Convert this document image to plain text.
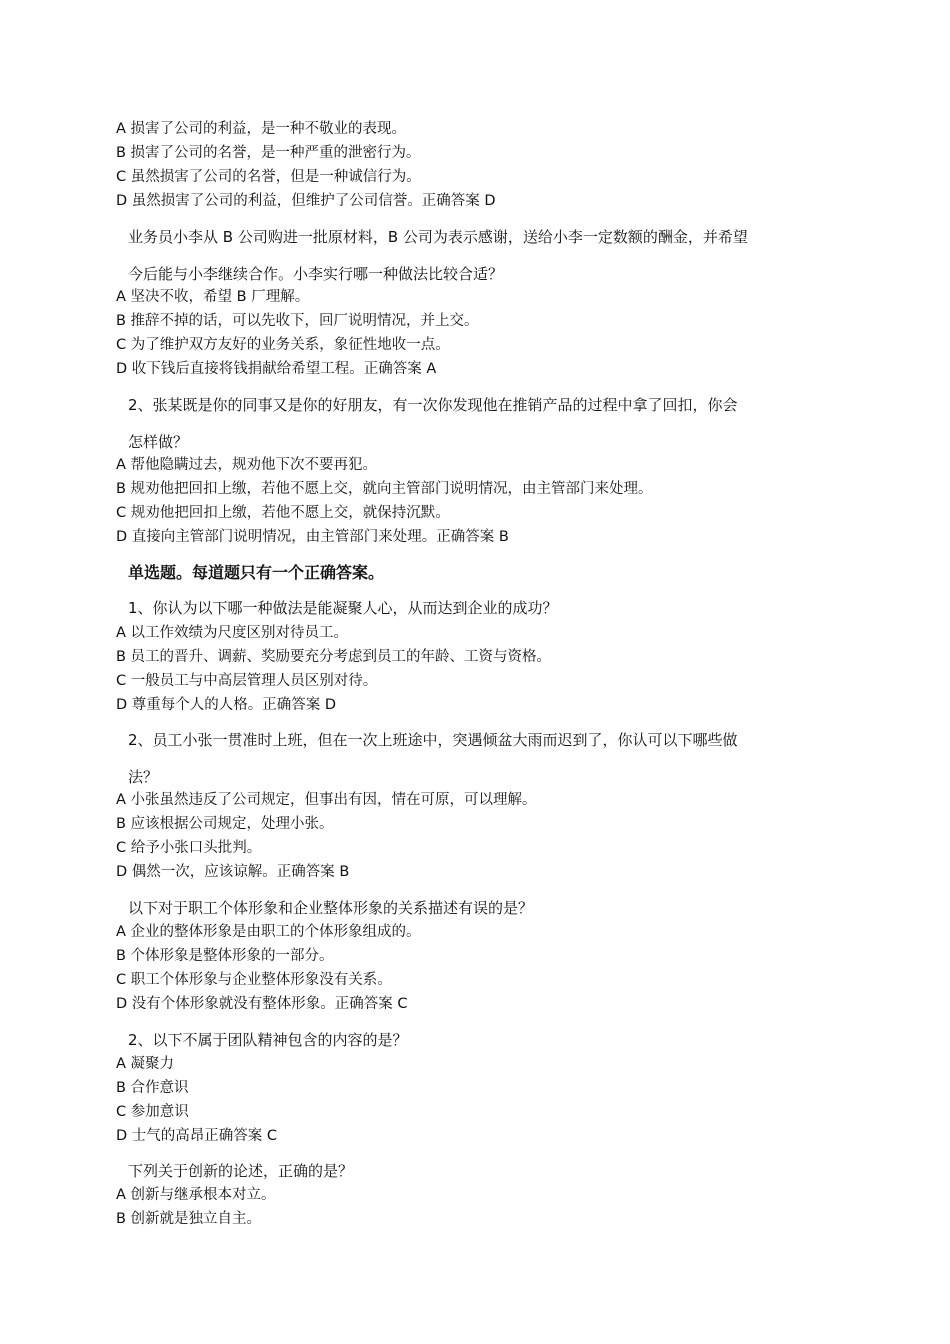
A 损害了公司的利益，是一种不敬业的表现。
B 损害了公司的名誉，是一种严重的泄密行为。
C 虽然损害了公司的名誉，但是一种诚信行为。
D 虽然损害了公司的利益，但维护了公司信誉。正确答案 D
业务员小李从 B 公司购进一批原材料，B 公司为表示感谢，送给小李一定数额的酬金，并希望
今后能与小李继续合作。小李实行哪一种做法比较合适？
A 坚决不收，希望 B 厂理解。
B 推辞不掉的话，可以先收下，回厂说明情况，并上交。
C 为了维护双方友好的业务关系，象征性地收一点。
D 收下钱后直接将钱捐献给希望工程。正确答案 A
2、张某既是你的同事又是你的好朋友，有一次你发现他在推销产品的过程中拿了回扣，你会
怎样做？
A 帮他隐瞒过去，规劝他下次不要再犯。
B 规劝他把回扣上缴，若他不愿上交，就向主管部门说明情况，由主管部门来处理。
C 规劝他把回扣上缴，若他不愿上交，就保持沉默。
D 直接向主管部门说明情况，由主管部门来处理。正确答案 B
单选题。每道题只有一个正确答案。
1、你认为以下哪一种做法是能凝聚人心，从而达到企业的成功？
A 以工作效绩为尺度区别对待员工。
B 员工的晋升、调薪、奖励要充分考虑到员工的年龄、工资与资格。
C 一般员工与中高层管理人员区别对待。
D 尊重每个人的人格。正确答案 D
2、员工小张一贯准时上班，但在一次上班途中，突遇倾盆大雨而迟到了，你认可以下哪些做
法？
A 小张虽然违反了公司规定，但事出有因，情在可原，可以理解。
B 应该根据公司规定，处理小张。
C 给予小张口头批判。
D 偶然一次，应该谅解。正确答案 B
以下对于职工个体形象和企业整体形象的关系描述有误的是？
A 企业的整体形象是由职工的个体形象组成的。
B 个体形象是整体形象的一部分。
C 职工个体形象与企业整体形象没有关系。
D 没有个体形象就没有整体形象。正确答案 C
2、以下不属于团队精神包含的内容的是？
A 凝聚力
B 合作意识
C 参加意识
D 士气的高昂正确答案 C
下列关于创新的论述，正确的是？
A 创新与继承根本对立。
B 创新就是独立自主。
